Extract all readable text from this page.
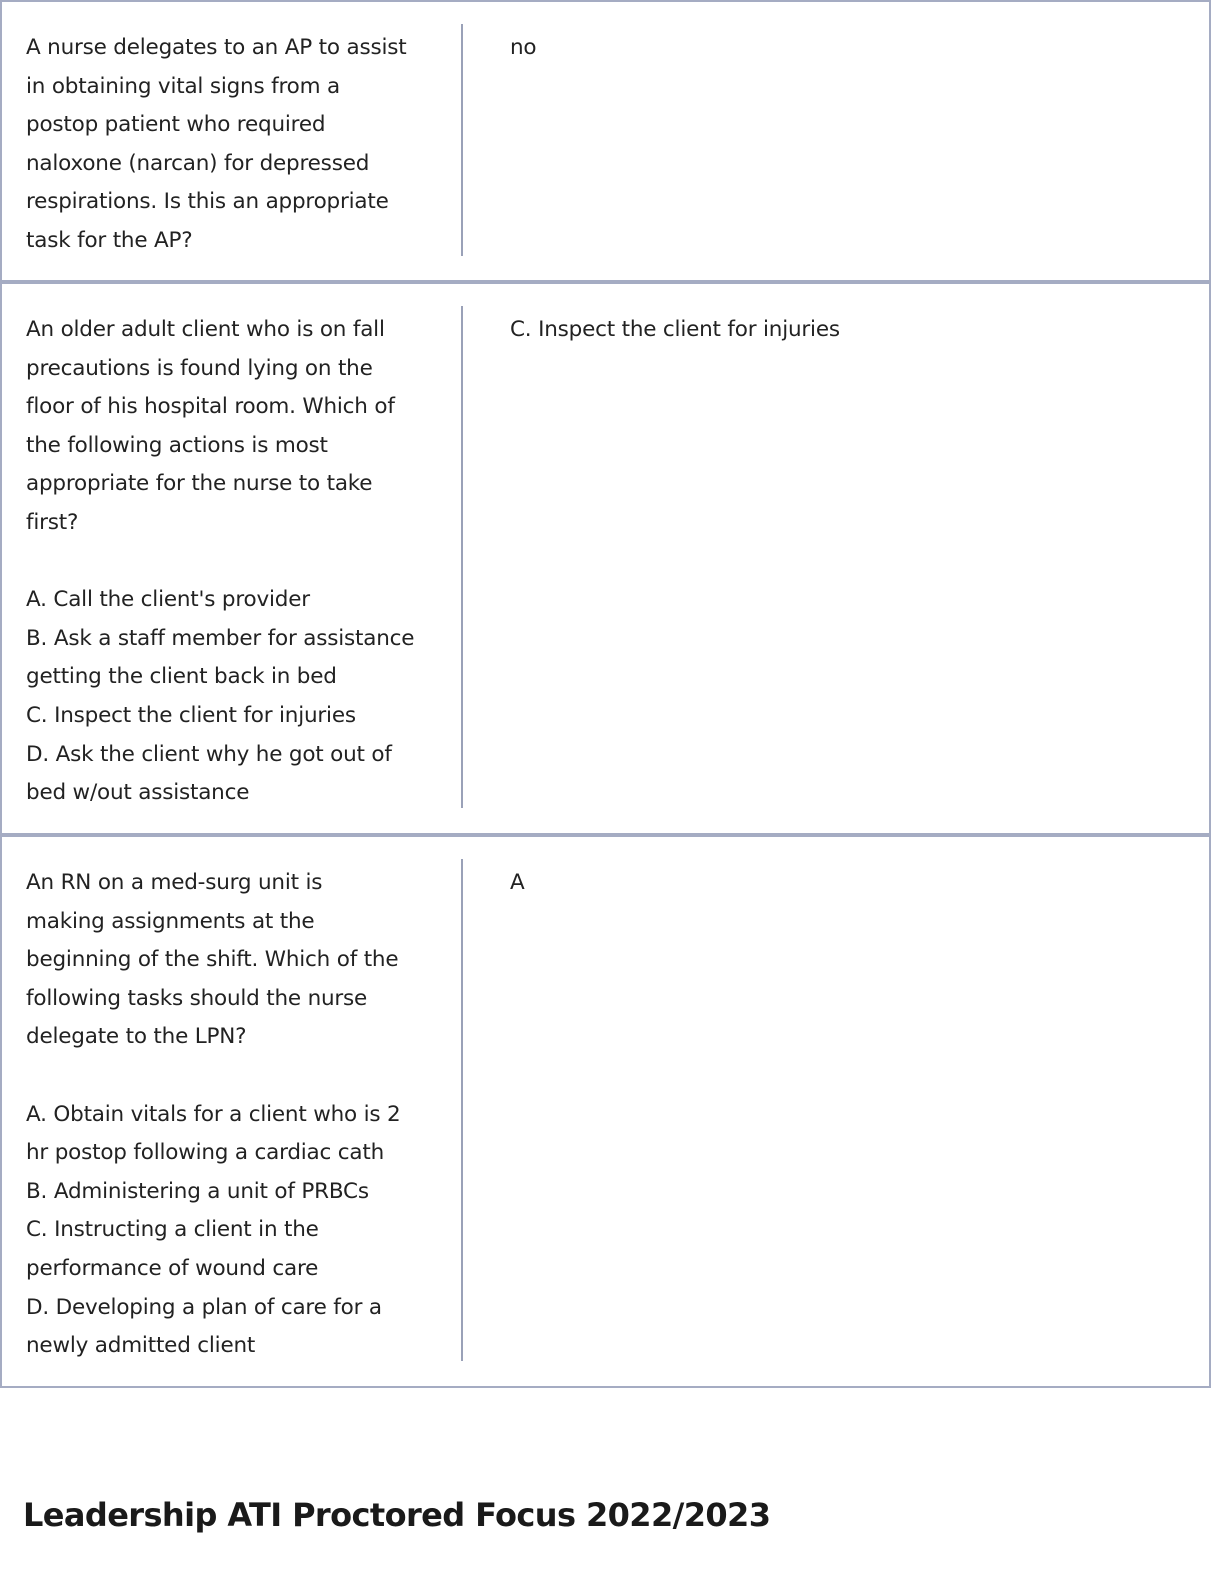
A nurse delegates to an AP to assist
in obtaining vital signs from a
postop patient who required
naloxone (narcan) for depressed
respirations. Is this an appropriate
task for the AP?
no
An older adult client who is on fall
precautions is found lying on the
floor of his hospital room. Which of
the following actions is most
appropriate for the nurse to take
first?

A. Call the client's provider
B. Ask a staff member for assistance
getting the client back in bed
C. Inspect the client for injuries
D. Ask the client why he got out of
bed w/out assistance
C. Inspect the client for injuries
An RN on a med-surg unit is
making assignments at the
beginning of the shift. Which of the
following tasks should the nurse
delegate to the LPN?

A. Obtain vitals for a client who is 2
hr postop following a cardiac cath
B. Administering a unit of PRBCs
C. Instructing a client in the
performance of wound care
D. Developing a plan of care for a
newly admitted client
A
Leadership ATI Proctored Focus 2022/2023
